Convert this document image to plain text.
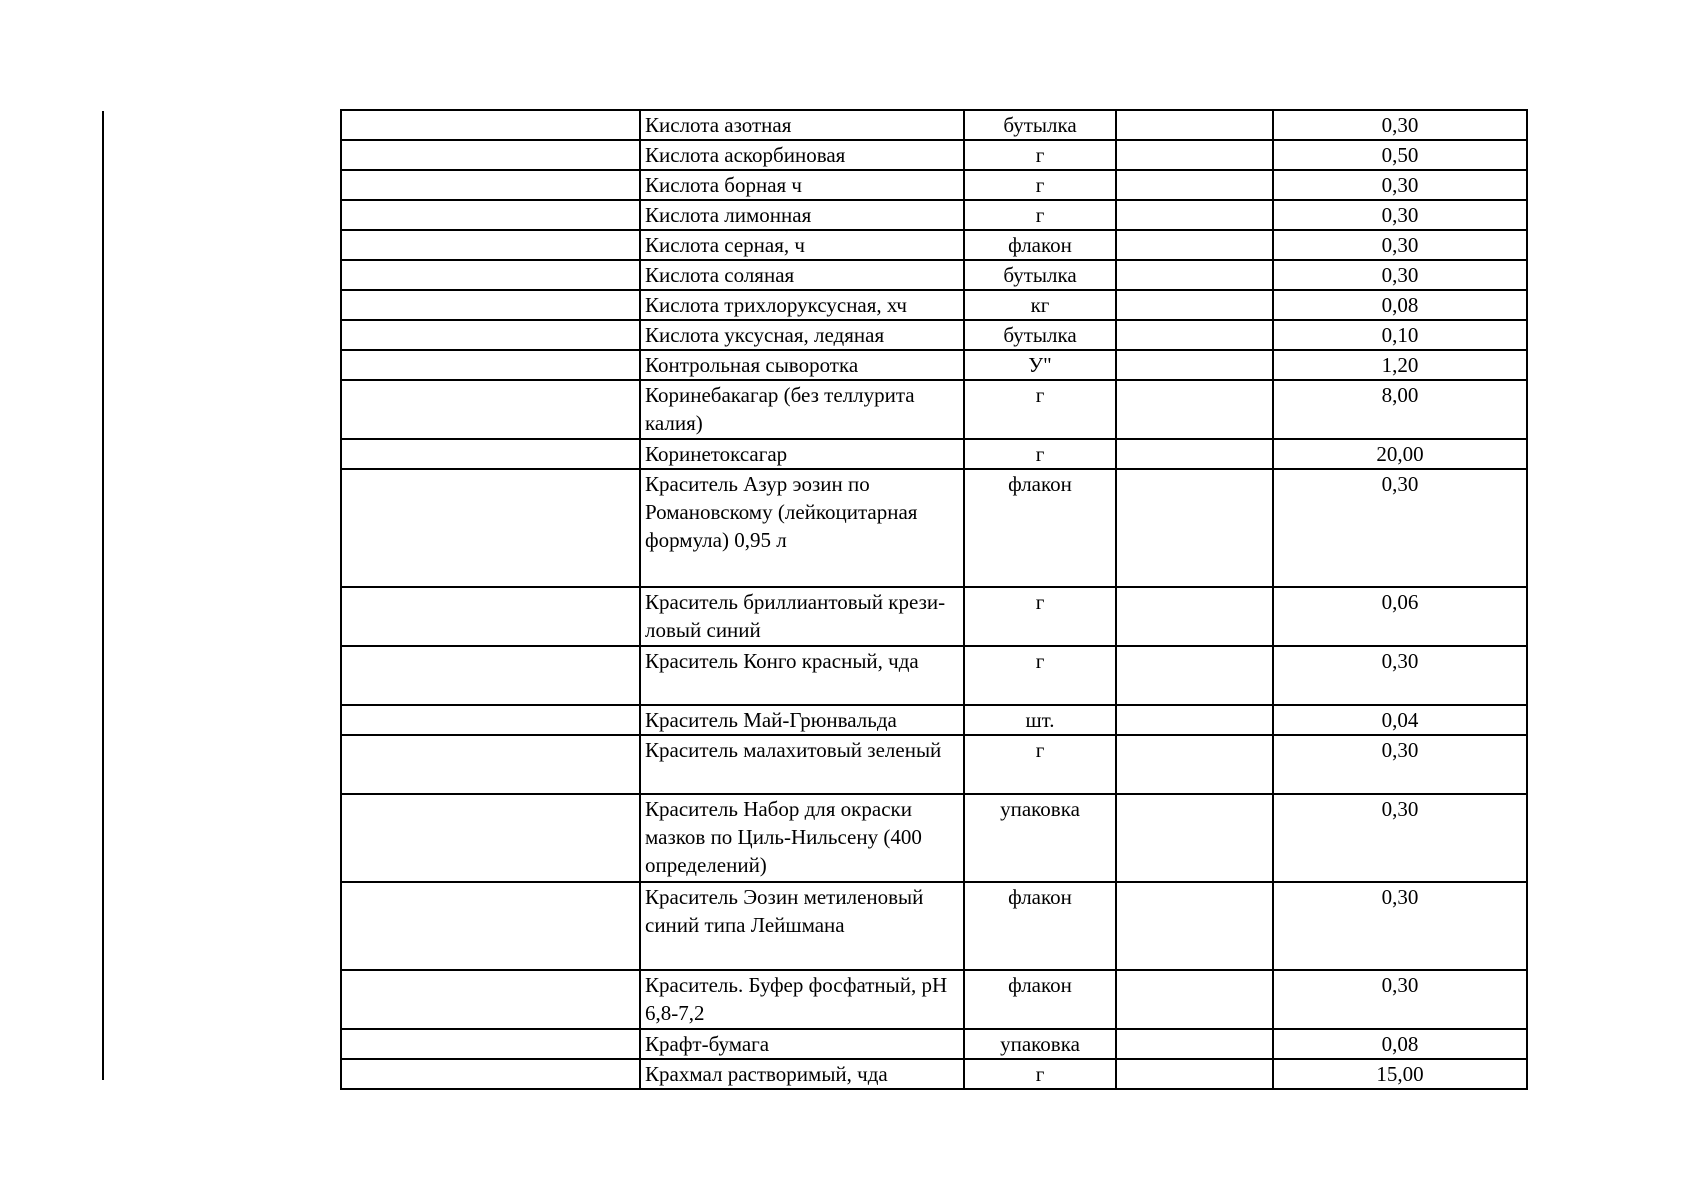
	Кислота азотная	бутылка		0,30
	Кислота аскорбиновая	г		0,50
	Кислота борная ч	г		0,30
	Кислота лимонная	г		0,30
	Кислота серная, ч	флакон		0,30
	Кислота соляная	бутылка		0,30
	Кислота трихлоруксусная, хч	кг		0,08
	Кислота уксусная, ледяная	бутылка		0,10
	Контрольная сыворотка	У"		1,20
	Коринебакагар (без теллурита калия)	г		8,00
	Коринетоксагар	г		20,00
	Краситель Азур эозин по Романовскому (лейкоцитарная формула) 0,95 л	флакон		0,30
	Краситель бриллиантовый крези-ловый синий	г		0,06
	Краситель Конго красный, чда	г		0,30
	Краситель Май-Грюнвальда	шт.		0,04
	Краситель малахитовый зеленый	г		0,30
	Краситель Набор для окраски мазков по Циль-Нильсену (400 определений)	упаковка		0,30
	Краситель Эозин метиленовый синий типа Лейшмана	флакон		0,30
	Краситель. Буфер фосфатный, pH 6,8-7,2	флакон		0,30
	Крафт-бумага	упаковка		0,08
	Крахмал растворимый, чда	г		15,00
